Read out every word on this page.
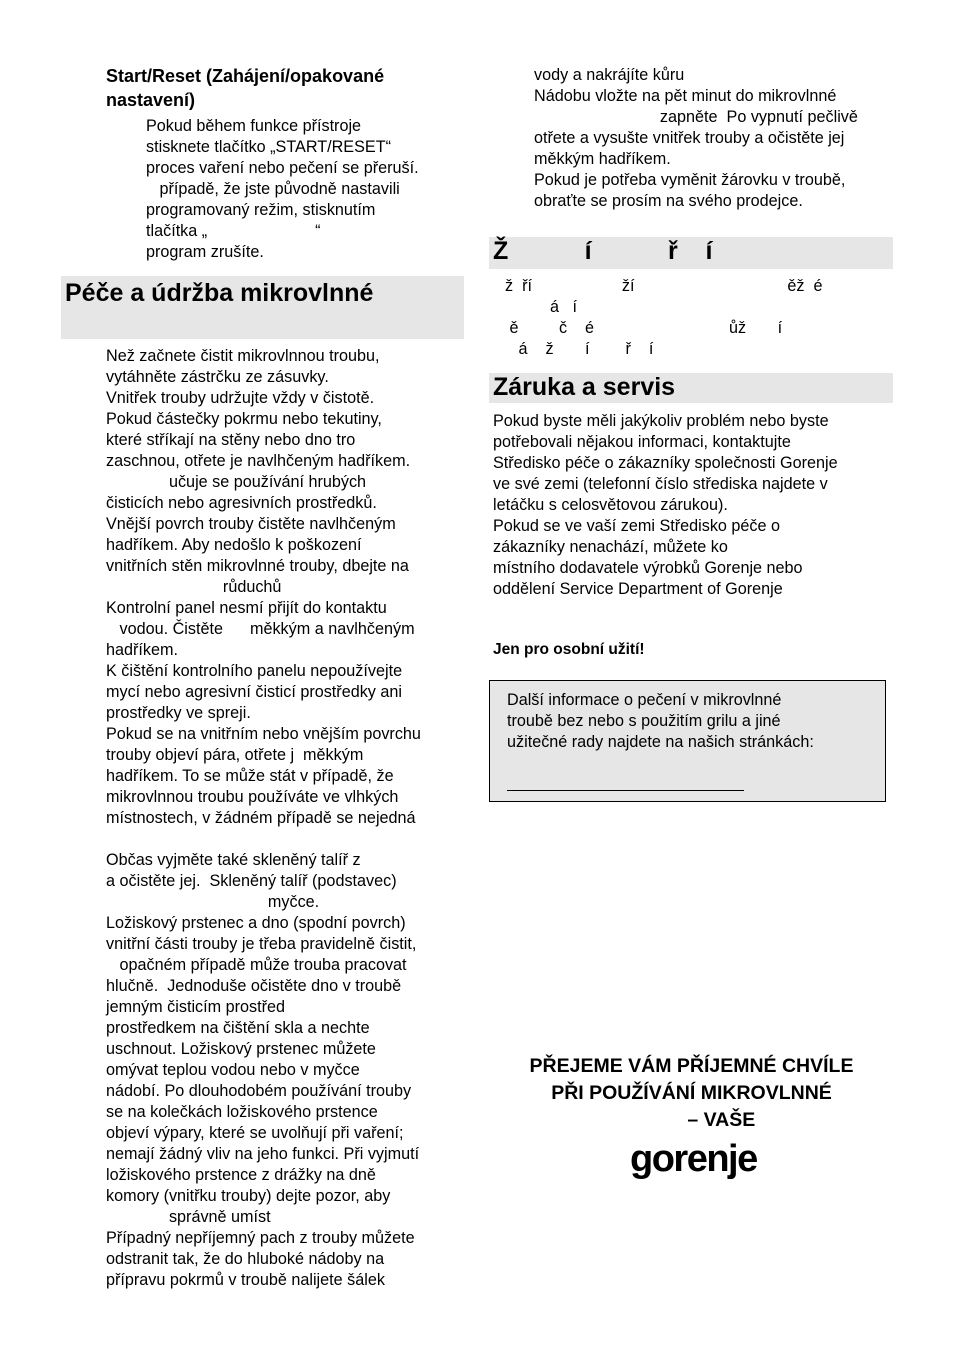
Start/Reset (Zahájení/opakované
nastavení)
Pokud během funkce přístroje
stisknete tlačítko „START/RESET“
proces vaření nebo pečení se přeruší.
případě, že jste původně nastavili
programovaný režim, stisknutím
tlačítka „                        “
program zrušíte.
Péče a údržba mikrovlnné
Než začnete čistit mikrovlnnou troubu,
vytáhněte zástrčku ze zásuvky.
Vnitřek trouby udržujte vždy v čistotě.
Pokud částečky pokrmu nebo tekutiny,
které stříkají na stěny nebo dno tro
zaschnou, otřete je navlhčeným hadříkem.
učuje se používání hrubých
čisticích nebo agresivních prostředků.
Vnější povrch trouby čistěte navlhčeným
hadříkem. Aby nedošlo k poškození
vnitřních stěn mikrovlnné trouby, dbejte na
růduchů
Kontrolní panel nesmí přijít do kontaktu
vodou. Čistěte      měkkým a navlhčeným
hadříkem.
K čištění kontrolního panelu nepoužívejte
mycí nebo agresivní čisticí prostředky ani
prostředky ve spreji.
Pokud se na vnitřním nebo vnějším povrchu
trouby objeví pára, otřete j  měkkým
hadříkem. To se může stát v případě, že
mikrovlnnou troubu používáte ve vlhkých
místnostech, v žádném případě se nejedná
Občas vyjměte také skleněný talíř z
a očistěte jej.  Skleněný talíř (podstavec)
myčce.
Ložiskový prstenec a dno (spodní povrch)
vnitřní části trouby je třeba pravidelně čistit,
opačném případě může trouba pracovat
hlučně.  Jednoduše očistěte dno v troubě
jemným čisticím prostřed
prostředkem na čištění skla a nechte
uschnout. Ložiskový prstenec můžete
omývat teplou vodou nebo v myčce
nádobí. Po dlouhodobém používání trouby
se na kolečkách ložiskového prstence
objeví výpary, které se uvolňují při vaření;
nemají žádný vliv na jeho funkci. Při vyjmutí
ložiskového prstence z drážky na dně
komory (vnitřku trouby) dejte pozor, aby
správně umíst
Případný nepříjemný pach z trouby můžete
odstranit tak, že do hluboké nádoby na
přípravu pokrmů v troubě nalijete šálek
vody a nakrájíte kůru
Nádobu vložte na pět minut do mikrovlnné
zapněte  Po vypnutí pečlivě
otřete a vysušte vnitřek trouby a očistěte jej
měkkým hadříkem.
Pokud je potřeba vyměnit žárovku v troubě,
obraťte se prosím na svého prodejce.
Ž           í           ř    í
ž  ří                    ží                                  ěž  é
á   í
ě         č    é                              ůž       í
á    ž       í        ř    í
Záruka a servis
Pokud byste měli jakýkoliv problém nebo byste
potřebovali nějakou informaci, kontaktujte
Středisko péče o zákazníky společnosti Gorenje
ve své zemi (telefonní číslo střediska najdete v
letáčku s celosvětovou zárukou).
Pokud se ve vaší zemi Středisko péče o
zákazníky nenachází, můžete ko
místního dodavatele výrobků Gorenje nebo
oddělení Service Department of Gorenje
Jen pro osobní užití!
Další informace o pečení v mikrovlnné
troubě bez nebo s použitím grilu a jiné
užitečné rady najdete na našich stránkách:
PŘEJEME VÁM PŘÍJEMNÉ CHVÍLE
PŘI POUŽÍVÁNÍ MIKROVLNNÉ
– VAŠE
gorenje
